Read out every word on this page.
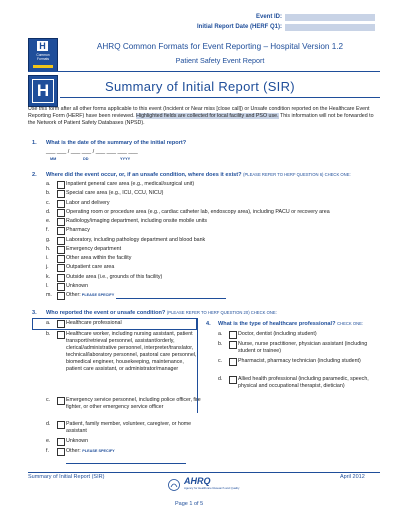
Event ID:
Initial Report Date (HERF Q1):
H
Common Formats
AHRQ Common Formats for Event Reporting – Hospital Version 1.2
Patient Safety Event Report
H	Summary of Initial Report (SIR)
Use this form after all other forms applicable to this event (Incident or Near miss [close call]) or Unsafe condition reported on the Healthcare Event Reporting Form (HERF) have been reviewed. Highlighted fields are collected for local facility and PSO use. This information will not be forwarded to the Network of Patient Safety Databases (NPSD).
1. What is the date of the summary of the initial report?
___ ___ / ___ ___ / ___ ___ ___ ___
MM	DD	YYYY
2. Where did the event occur, or, if an unsafe condition, where does it exist? (PLEASE REFER TO HERF QUESTION 6) CHECK ONE:
a.	Inpatient general care area (e.g., medical/surgical unit)
b.	Special care area (e.g., ICU, CCU, NICU)
c.	Labor and delivery
d.	Operating room or procedure area (e.g., cardiac catheter lab, endoscopy area), including PACU or recovery area
e.	Radiology/imaging department, including onsite mobile units
f.	Pharmacy
g.	Laboratory, including pathology department and blood bank
h.	Emergency department
i.	Other area within the facility
j.	Outpatient care area
k.	Outside area (i.e., grounds of this facility)
l.	Unknown
m.	Other: PLEASE SPECIFY
3. Who reported the event or unsafe condition? (PLEASE REFER TO HERF QUESTION 20) CHECK ONE:
a.	Healthcare professional
b.	Healthcare worker, including nursing assistant, patient transport/retrieval personnel, assistant/orderly, clerical/administrative personnel, interpreter/translator, technical/laboratory personnel, pastoral care personnel, biomedical engineer, housekeeping, maintenance, patient care assistant, or administrator/manager
c.	Emergency service personnel, including police officer, fire fighter, or other emergency service officer
d.	Patient, family member, volunteer, caregiver, or home assistant
e.	Unknown
f.	Other: PLEASE SPECIFY
4. What is the type of healthcare professional? CHECK ONE:
a.	Doctor, dentist (including student)
b.	Nurse, nurse practitioner, physician assistant (including student or trainee)
c.	Pharmacist, pharmacy technician (including student)
d.	Allied health professional (including paramedic, speech, physical and occupational therapist, dietician)
Summary of Initial Report (SIR)	April 2012
AHRQ
Agency for Healthcare Research and Quality
Page 1 of 5
